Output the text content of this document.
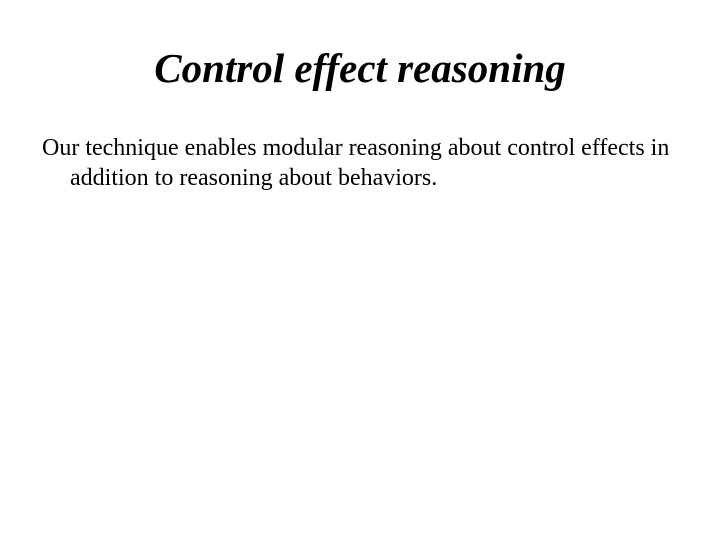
Control effect reasoning
Our technique enables modular reasoning about control effects in addition to reasoning about behaviors.
